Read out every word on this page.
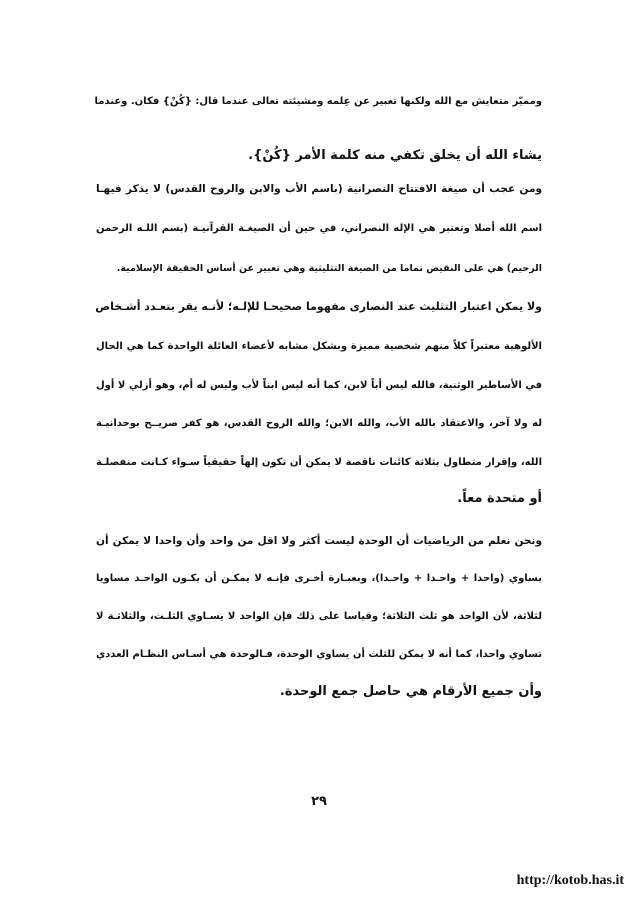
ومميّز متعايش مع الله ولكنها تعبير عن عِلمه ومشيئته تعالى عندما قال: {كُنْ} فكان. وعندما
يشاء الله أن يخلق تكفي منه كلمة الأمر {كُنْ}.
ومن عجب أن صيغة الافتتاح النصرانية (باسم الأب والابن والروح القدس) لا يذكر فيهـا
اسم الله أصلا وتعتبر هي الإله النصراني، في حين أن الصيغـة القرآنيـة (بسم اللـه الرحمن
الرحيم) هي على النقيض تماما من الصيغة التثليثية وهي تعبير عن أساس الحقيقة الإسلامية.
ولا يمكن اعتبار التثليث عند النصارى مفهوما صحيحـا للإلـه؛ لأنـه يقر بتعـدد أشـخاص
الألوهية معتبراً كلاً منهم شخصية مميزة وبشكل مشابه لأعضاء العائلة الواحدة كما هي الحال
في الأساطير الوثنية، فالله ليس أباً لابن، كما أنه ليس ابناً لأب وليس له أم، وهو أزلي لا أول
له ولا آخر، والاعتقاد بالله الأب، والله الابن؛ والله الروح القدس، هو كفر صريــح بوحدانيـة
الله، وإقرار متطاول بثلاثة كائنات ناقصة لا يمكن أن تكون إلهاً حقيقياً سـواء كـانت منفصلـة
أو متحدة معاً.
ونحن نعلم من الرياضيات أن الوحدة ليست أكثر ولا اقل من واحد وأن واحدا لا يمكن أن
يساوي (واحدا + واحـدا + واحـدا)، وبعبـارة أخـرى فإنـه لا يمكـن أن يكـون الواحـد مساويا
لثلاثة، لأن الواحد هو ثلث الثلاثة؛ وقياسا على ذلك فإن الواحد لا يسـاوي الثلـث، والثلاثـة لا
تساوي واحدا، كما أنه لا يمكن للثلث أن يساوي الوحدة، فـالوحدة هي أسـاس النظـام العددي
وأن جميع الأرقام هي حاصل جمع الوحدة.
٢٩
http://kotob.has.it
